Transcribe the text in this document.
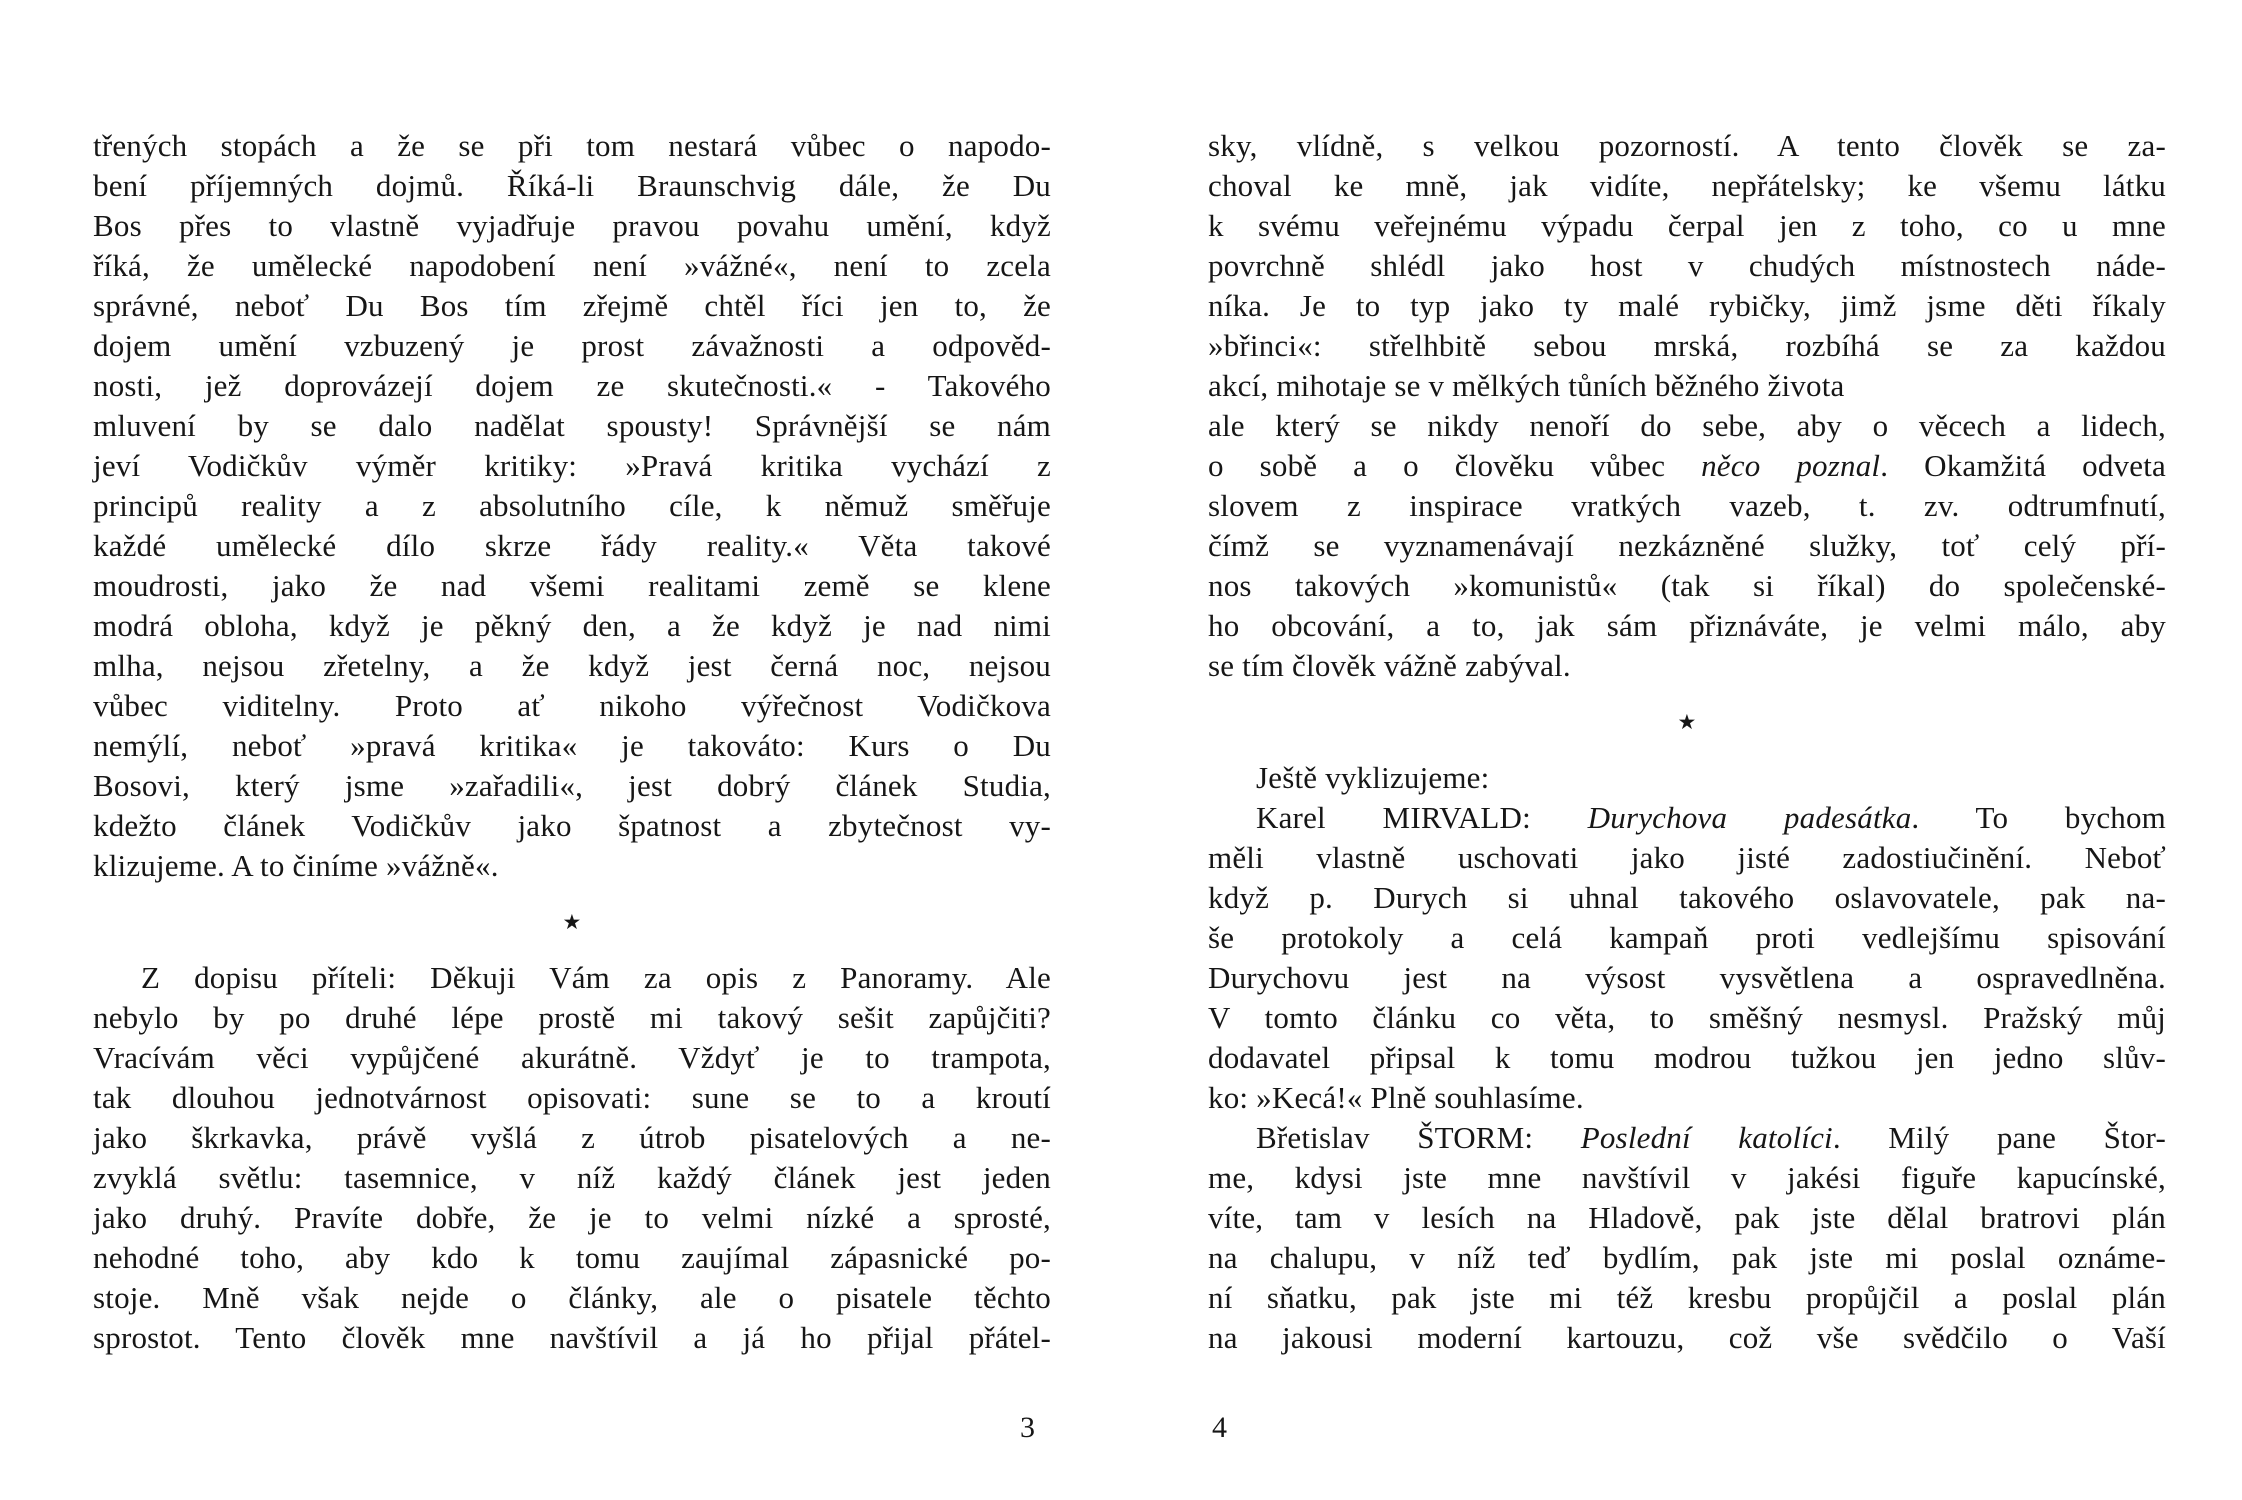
třených stopách a že se při tom nestará vůbec o napodo-
bení příjemných dojmů. Říká-li Braunschvig dále, že Du
Bos přes to vlastně vyjadřuje pravou povahu umění, když
říká, že umělecké napodobení není »vážné«, není to zcela
správné, neboť Du Bos tím zřejmě chtěl říci jen to, že
dojem umění vzbuzený je prost závažnosti a odpověd-
nosti, jež doprovázejí dojem ze skutečnosti.« - Takového
mluvení by se dalo nadělat spousty! Správnější se nám
jeví Vodičkův výměr kritiky: »Pravá kritika vychází z
principů reality a z absolutního cíle, k němuž směřuje
každé umělecké dílo skrze řády reality.« Věta takové
moudrosti, jako že nad všemi realitami země se klene
modrá obloha, když je pěkný den, a že když je nad nimi
mlha, nejsou zřetelny, a že když jest černá noc, nejsou
vůbec viditelny. Proto ať nikoho výřečnost Vodičkova
nemýlí, neboť »pravá kritika« je takováto: Kurs o Du
Bosovi, který jsme »zařadili«, jest dobrý článek Studia,
kdežto článek Vodičkův jako špatnost a zbytečnost vy-
klizujeme. A to činíme »vážně«.
★
Z dopisu příteli: Děkuji Vám za opis z Panoramy. Ale
nebylo by po druhé lépe prostě mi takový sešit zapůjčiti?
Vracívám věci vypůjčené akurátně. Vždyť je to trampota,
tak dlouhou jednotvárnost opisovati: sune se to a kroutí
jako škrkavka, právě vyšlá z útrob pisatelových a ne-
zvyklá světlu: tasemnice, v níž každý článek jest jeden
jako druhý. Pravíte dobře, že je to velmi nízké a sprosté,
nehodné toho, aby kdo k tomu zaujímal zápasnické po-
stoje. Mně však nejde o články, ale o pisatele těchto
sprostot. Tento člověk mne navštívil a já ho přijal přátel-
3
sky, vlídně, s velkou pozorností. A tento člověk se za-
choval ke mně, jak vidíte, nepřátelsky; ke všemu látku
k svému veřejnému výpadu čerpal jen z toho, co u mne
povrchně shlédl jako host v chudých místnostech náde-
níka. Je to typ jako ty malé rybičky, jimž jsme děti říkaly
»břinci«: střelhbitě sebou mrská, rozbíhá se za každou
akcí, mihotaje se v mělkých tůních běžného života
ale který se nikdy nenoří do sebe, aby o věcech a lidech,
o sobě a o člověku vůbec něco poznal. Okamžitá odveta
slovem z inspirace vratkých vazeb, t. zv. odtrumfnutí,
čímž se vyznamenávají nezkázněné služky, toť celý pří-
nos takových »komunistů« (tak si říkal) do společenské-
ho obcování, a to, jak sám přiznáváte, je velmi málo, aby
se tím člověk vážně zabýval.
★
Ještě vyklizujeme:
Karel MIRVALD: Durychova padesátka. To bychom
měli vlastně uschovati jako jisté zadostiučinění. Neboť
když p. Durych si uhnal takového oslavovatele, pak na-
še protokoly a celá kampaň proti vedlejšímu spisování
Durychovu jest na výsost vysvětlena a ospravedlněna.
V tomto článku co věta, to směšný nesmysl. Pražský můj
dodavatel připsal k tomu modrou tužkou jen jedno slův-
ko: »Kecá!« Plně souhlasíme.
Břetislav ŠTORM: Poslední katolíci. Milý pane Štor-
me, kdysi jste mne navštívil v jakési figuře kapucínské,
víte, tam v lesích na Hladově, pak jste dělal bratrovi plán
na chalupu, v níž teď bydlím, pak jste mi poslal oznáme-
ní sňatku, pak jste mi též kresbu propůjčil a poslal plán
na jakousi moderní kartouzu, což vše svědčilo o Vaší
4
